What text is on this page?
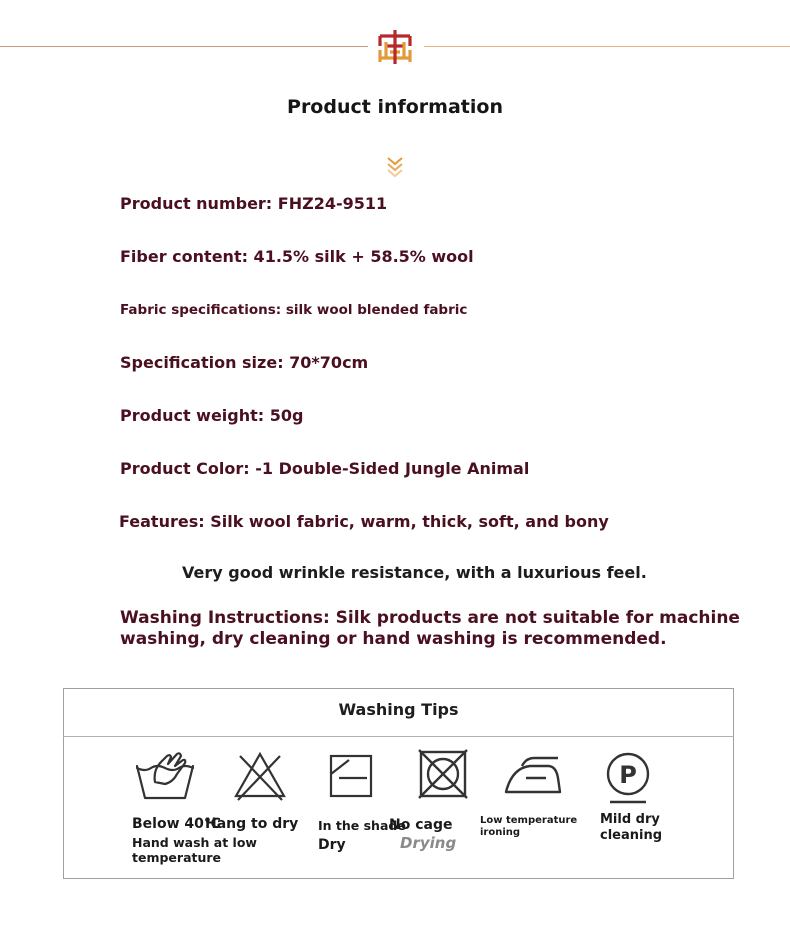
Product information
Product number: FHZ24-9511
Fiber content: 41.5% silk + 58.5% wool
Fabric specifications: silk wool blended fabric
Specification size: 70*70cm
Product weight: 50g
Product Color: -1 Double-Sided Jungle Animal
Features: Silk wool fabric, warm, thick, soft, and bony
Very good wrinkle resistance, with a luxurious feel.
Washing Instructions: Silk products are not suitable for machine washing, dry cleaning or hand washing is recommended.
Washing Tips
P
Below 40℃
Hand wash at low
temperature
Hang to dry In the shade
Dry
No cage
Drying
Low temperature
ironing
Mild dry
cleaning
